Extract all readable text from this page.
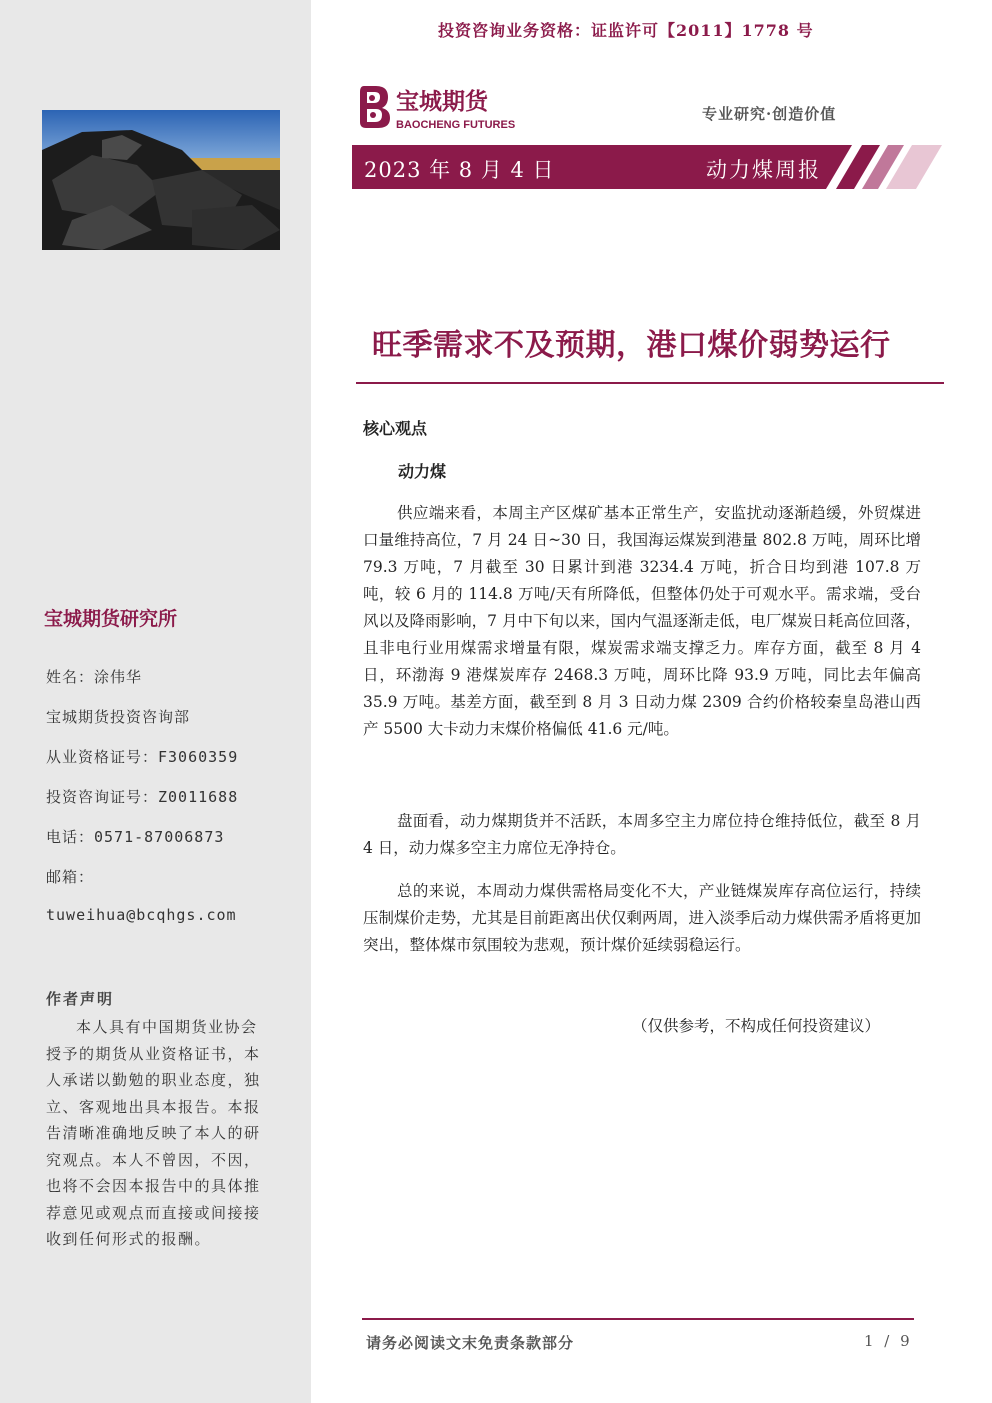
宝城期货研究所
姓名：涂伟华
宝城期货投资咨询部
从业资格证号：F3060359
投资咨询证号：Z0011688
电话：0571-87006873
邮箱：
tuweihua@bcqhgs.com
作者声明
本人具有中国期货业协会授予的期货从业资格证书，本人承诺以勤勉的职业态度，独立、客观地出具本报告。本报告清晰准确地反映了本人的研究观点。本人不曾因，不因，也将不会因本报告中的具体推荐意见或观点而直接或间接接收到任何形式的报酬。
投资咨询业务资格：证监许可【2011】1778 号
宝城期货
BAOCHENG FUTURES
专业研究·创造价值
2023 年 8 月 4 日	动力煤周报
旺季需求不及预期，港口煤价弱势运行
核心观点
动力煤

供应端来看，本周主产区煤矿基本正常生产，安监扰动逐渐趋缓，外贸煤进口量维持高位，7 月 24 日~30 日，我国海运煤炭到港量 802.8 万吨，周环比增 79.3 万吨，7 月截至 30 日累计到港 3234.4 万吨，折合日均到港 107.8 万吨，较 6 月的 114.8 万吨/天有所降低，但整体仍处于可观水平。需求端，受台风以及降雨影响，7 月中下旬以来，国内气温逐渐走低，电厂煤炭日耗高位回落，且非电行业用煤需求增量有限，煤炭需求端支撑乏力。库存方面，截至 8 月 4 日，环渤海 9 港煤炭库存 2468.3 万吨，周环比降 93.9 万吨，同比去年偏高 35.9 万吨。基差方面，截至到 8 月 3 日动力煤 2309 合约价格较秦皇岛港山西产 5500 大卡动力末煤价格偏低 41.6 元/吨。

盘面看，动力煤期货并不活跃，本周多空主力席位持仓维持低位，截至 8 月 4 日，动力煤多空主力席位无净持仓。

总的来说，本周动力煤供需格局变化不大，产业链煤炭库存高位运行，持续压制煤价走势，尤其是目前距离出伏仅剩两周，进入淡季后动力煤供需矛盾将更加突出，整体煤市氛围较为悲观，预计煤价延续弱稳运行。

（仅供参考，不构成任何投资建议）
请务必阅读文末免责条款部分	1 / 9
